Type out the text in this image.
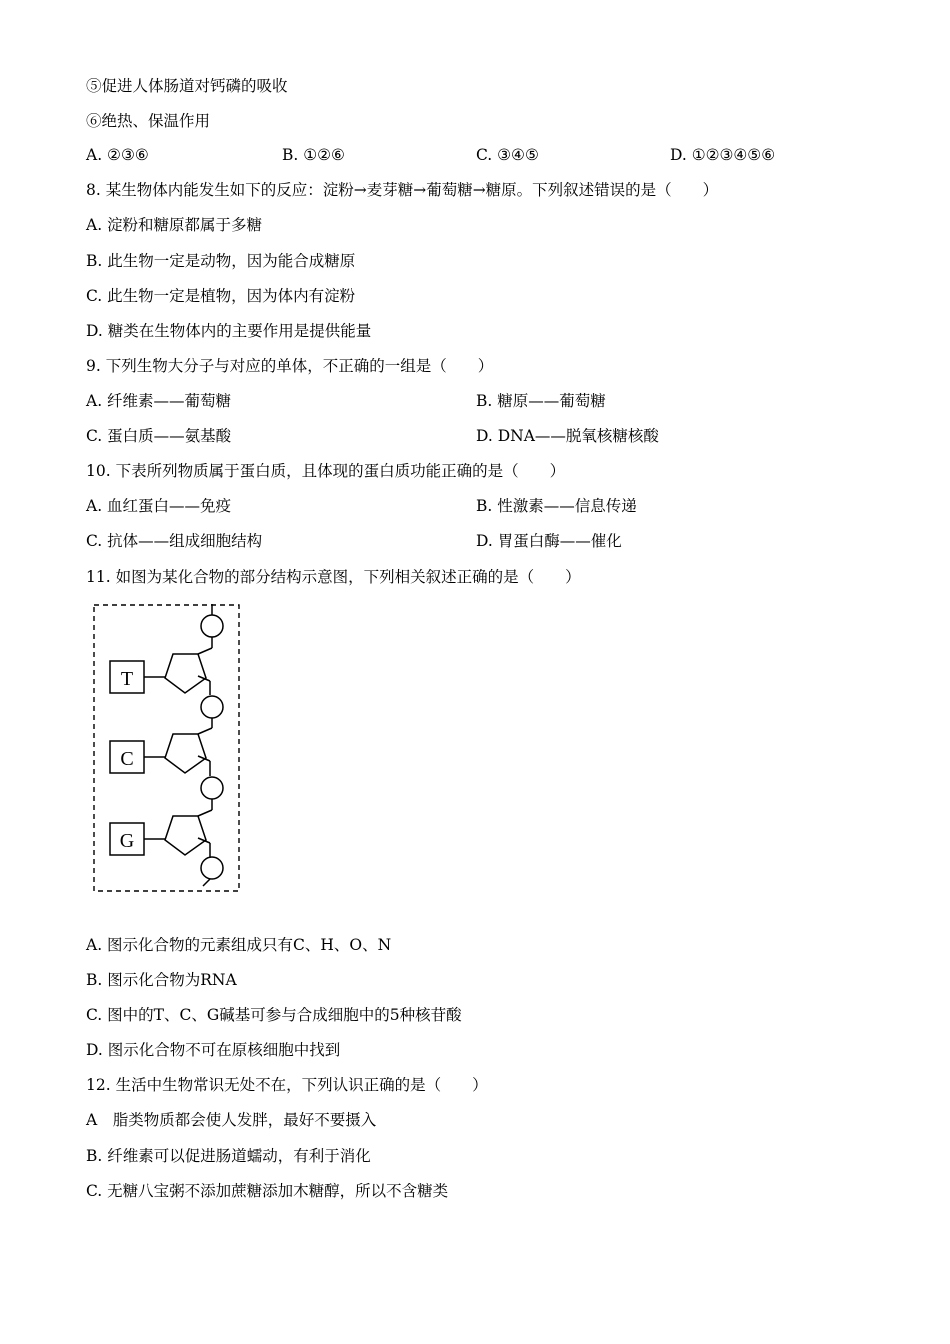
⑤促进人体肠道对钙磷的吸收
⑥绝热、保温作用
A. ②③⑥	B. ①②⑥	C. ③④⑤	D. ①②③④⑤⑥
8. 某生物体内能发生如下的反应：淀粉→麦芽糖→葡萄糖→糖原。下列叙述错误的是（　　）
A. 淀粉和糖原都属于多糖
B. 此生物一定是动物，因为能合成糖原
C. 此生物一定是植物，因为体内有淀粉
D. 糖类在生物体内的主要作用是提供能量
9. 下列生物大分子与对应的单体，不正确的一组是（　　）
A. 纤维素——葡萄糖	B. 糖原——葡萄糖
C. 蛋白质——氨基酸	D. DNA——脱氧核糖核酸
10. 下表所列物质属于蛋白质，且体现的蛋白质功能正确的是（　　）
A. 血红蛋白——免疫	B. 性激素——信息传递
C. 抗体——组成细胞结构	D. 胃蛋白酶——催化
11. 如图为某化合物的部分结构示意图，下列相关叙述正确的是（　　）
T
C
G
A. 图示化合物的元素组成只有C、H、O、N
B. 图示化合物为RNA
C. 图中的T、C、G碱基可参与合成细胞中的5种核苷酸
D. 图示化合物不可在原核细胞中找到
12. 生活中生物常识无处不在，下列认识正确的是（　　）
A　脂类物质都会使人发胖，最好不要摄入
B. 纤维素可以促进肠道蠕动，有利于消化
C. 无糖八宝粥不添加蔗糖添加木糖醇，所以不含糖类
